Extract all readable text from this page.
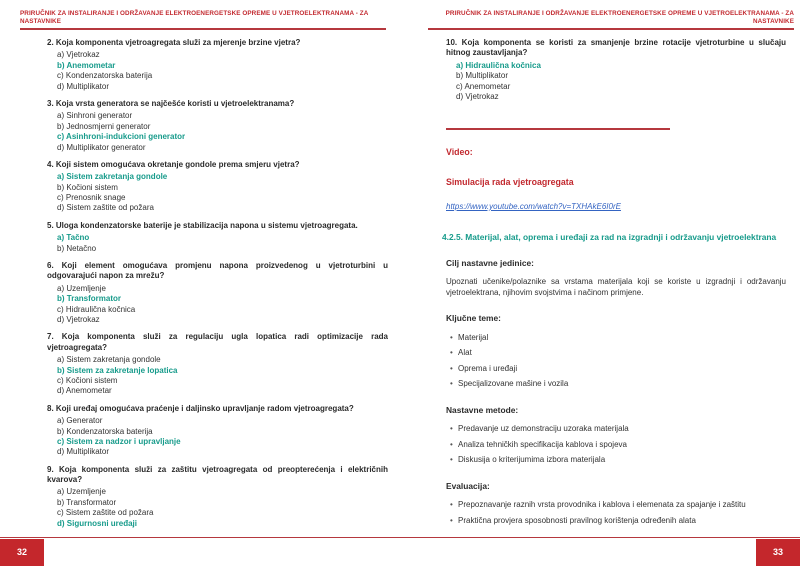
PRIRUČNIK ZA INSTALIRANJE I ODRŽAVANJE ELEKTROENERGETSKE OPREME U VJETROELEKTRANAMA - ZA NASTAVNIKE
2. Koja komponenta vjetroagregata služi za mjerenje brzine vjetra?
a) Vjetrokaz
b) Anemometar
c) Kondenzatorska baterija
d) Multiplikator
3. Koja vrsta generatora se najčešće koristi u vjetroelektranama?
a) Sinhroni generator
b) Jednosmjerni generator
c) Asinhroni-indukcioni generator
d) Multiplikator generator
4. Koji sistem omogućava okretanje gondole prema smjeru vjetra?
a) Sistem zakretanja gondole
b) Kočioni sistem
c) Prenosnik snage
d) Sistem zaštite od požara
5. Uloga kondenzatorske baterije je stabilizacija napona u sistemu vjetroagregata.
a) Tačno
b) Netačno
6. Koji element omogućava promjenu napona proizvedenog u vjetroturbini u odgovarajući napon za mrežu?
a) Uzemljenje
b) Transformator
c) Hidraulična kočnica
d) Vjetrokaz
7. Koja komponenta služi za regulaciju ugla lopatica radi optimizacije rada vjetroagregata?
a) Sistem zakretanja gondole
b) Sistem za zakretanje lopatica
c) Kočioni sistem
d) Anemometar
8. Koji uređaj omogućava praćenje i daljinsko upravljanje radom vjetroagregata?
a) Generator
b) Kondenzatorska baterija
c) Sistem za nadzor i upravljanje
d) Multiplikator
9. Koja komponenta služi za zaštitu vjetroagregata od preopterećenja i električnih kvarova?
a) Uzemljenje
b) Transformator
c) Sistem zaštite od požara
d) Sigurnosni uređaji
32
PRIRUČNIK ZA INSTALIRANJE I ODRŽAVANJE ELEKTROENERGETSKE OPREME U VJETROELEKTRANAMA - ZA NASTAVNIKE
10. Koja komponenta se koristi za smanjenje brzine rotacije vjetroturbine u slučaju hitnog zaustavljanja?
a) Hidraulična kočnica
b) Multiplikator
c) Anemometar
d) Vjetrokaz
Video:
Simulacija rada vjetroagregata
https://www.youtube.com/watch?v=TXHAkE6I0rE
4.2.5. Materijal, alat, oprema i uređaji za rad na izgradnji i održavanju vjetroelektrana
Cilj nastavne jedinice:
Upoznati učenike/polaznike sa vrstama materijala koji se koriste u izgradnji i održavanju vjetroelektrana, njihovim svojstvima i načinom primjene.
Ključne teme:
• Materijal
• Alat
• Oprema i uređaji
• Specijalizovane mašine i vozila
Nastavne metode:
• Predavanje uz demonstraciju uzoraka materijala
• Analiza tehničkih specifikacija kablova i spojeva
• Diskusija o kriterijumima izbora materijala
Evaluacija:
• Prepoznavanje raznih vrsta provodnika i kablova i elemenata za spajanje i zaštitu
• Praktična provjera sposobnosti pravilnog korištenja određenih alata
33
